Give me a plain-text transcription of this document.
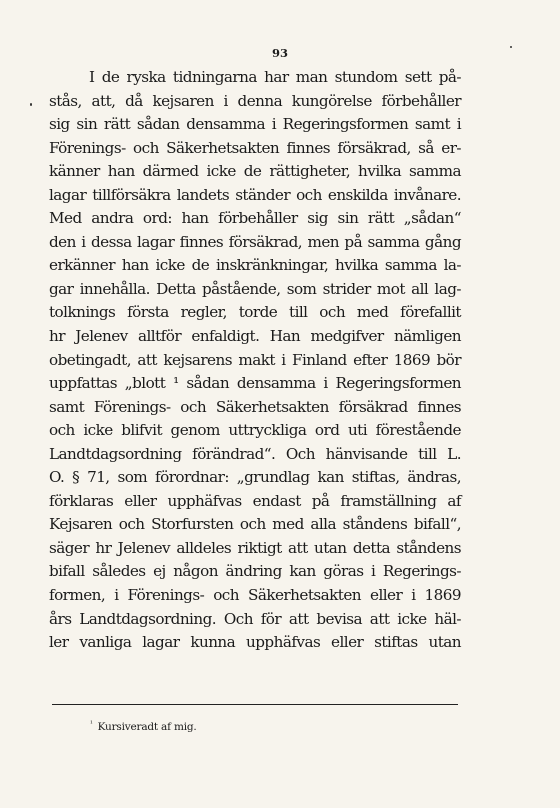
93
I de ryska tidningarna har man stundom sett på-
stås, att, då kejsaren i denna kungörelse förbehåller
sig sin rätt sådan densamma i Regeringsformen samt i
Förenings- och Säkerhetsakten finnes försäkrad, så er-
känner han därmed icke de rättigheter, hvilka samma
lagar tillförsäkra landets ständer och enskilda invånare.
Med andra ord: han förbehåller sig sin rätt „sådan“
den i dessa lagar finnes försäkrad, men på samma gång
erkänner han icke de inskränkningar, hvilka samma la-
gar innehålla. Detta påstående, som strider mot all lag-
tolknings första regler, torde till och med förefallit
hr Jelenev alltför enfaldigt. Han medgifver nämligen
obetingadt, att kejsarens makt i Finland efter 1869 bör
uppfattas „blott ¹ sådan densamma i Regeringsformen
samt Förenings- och Säkerhetsakten försäkrad finnes
och icke blifvit genom uttryckliga ord uti förestående
Landtdagsordning förändrad“. Och hänvisande till L.
O. § 71, som förordnar: „grundlag kan stiftas, ändras,
förklaras eller upphäfvas endast på framställning af
Kejsaren och Storfursten och med alla ståndens bifall“,
säger hr Jelenev alldeles riktigt att utan detta ståndens
bifall således ej någon ändring kan göras i Regerings-
formen, i Förenings- och Säkerhetsakten eller i 1869
års Landtdagsordning. Och för att bevisa att icke häl-
ler vanliga lagar kunna upphäfvas eller stiftas utan
$^{^1}$ Kursiveradt af mig.
